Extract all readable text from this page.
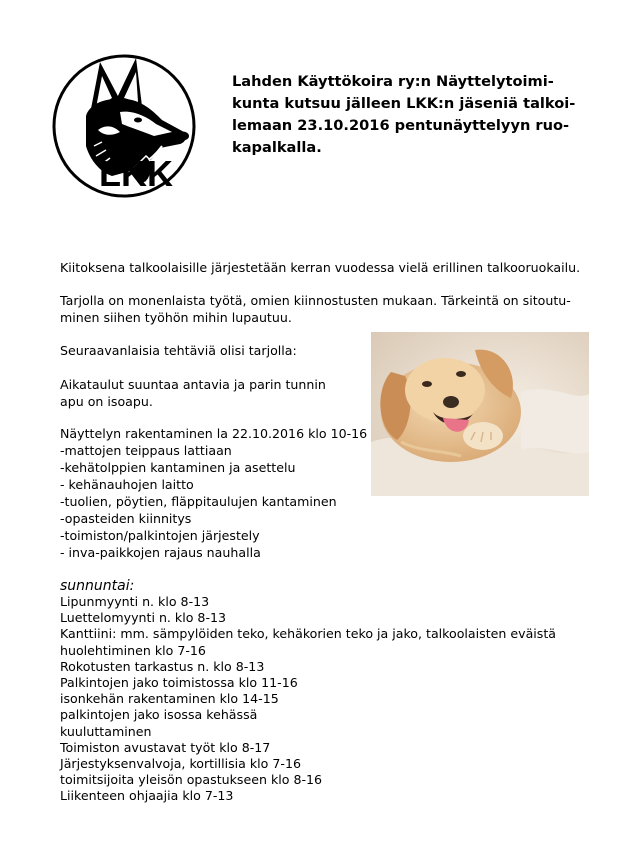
LKK

Lahden Käyttökoira ry:n Näyttelytoimi-
kunta kutsuu jälleen LKK:n jäseniä talkoi-
lemaan 23.10.2016 pentunäyttelyyn ruo-
kapalkalla.

Kiitoksena talkoolaisille järjestetään kerran vuodessa vielä erillinen talkooruokailu.
Tarjolla on monenlaista työtä, omien kiinnostusten mukaan. Tärkeintä on sitoutu-
minen siihen työhön mihin lupautuu.
Seuraavanlaisia tehtäviä olisi tarjolla:
Aikataulut suuntaa antavia ja parin tunnin
apu on isoapu.
Näyttelyn rakentaminen la 22.10.2016 klo 10-16
-mattojen teippaus lattiaan
-kehätolppien kantaminen ja asettelu
- kehänauhojen laitto
-tuolien, pöytien, fläppitaulujen kantaminen
-opasteiden kiinnitys
-toimiston/palkintojen järjestely
- inva-paikkojen rajaus nauhalla

sunnuntai:

Lipunmyynti n. klo 8-13
Luettelomyynti n. klo 8-13
Kanttiini: mm. sämpylöiden teko, kehäkorien teko ja jako, talkoolaisten eväistä
huolehtiminen klo 7-16
Rokotusten tarkastus n. klo 8-13
Palkintojen jako toimistossa klo 11-16
isonkehän rakentaminen klo 14-15
palkintojen jako isossa kehässä
kuuluttaminen
Toimiston avustavat työt klo 8-17
Järjestyksenvalvoja, kortillisia klo 7-16
toimitsijoita yleisön opastukseen klo 8-16
Liikenteen ohjaajia klo 7-13
